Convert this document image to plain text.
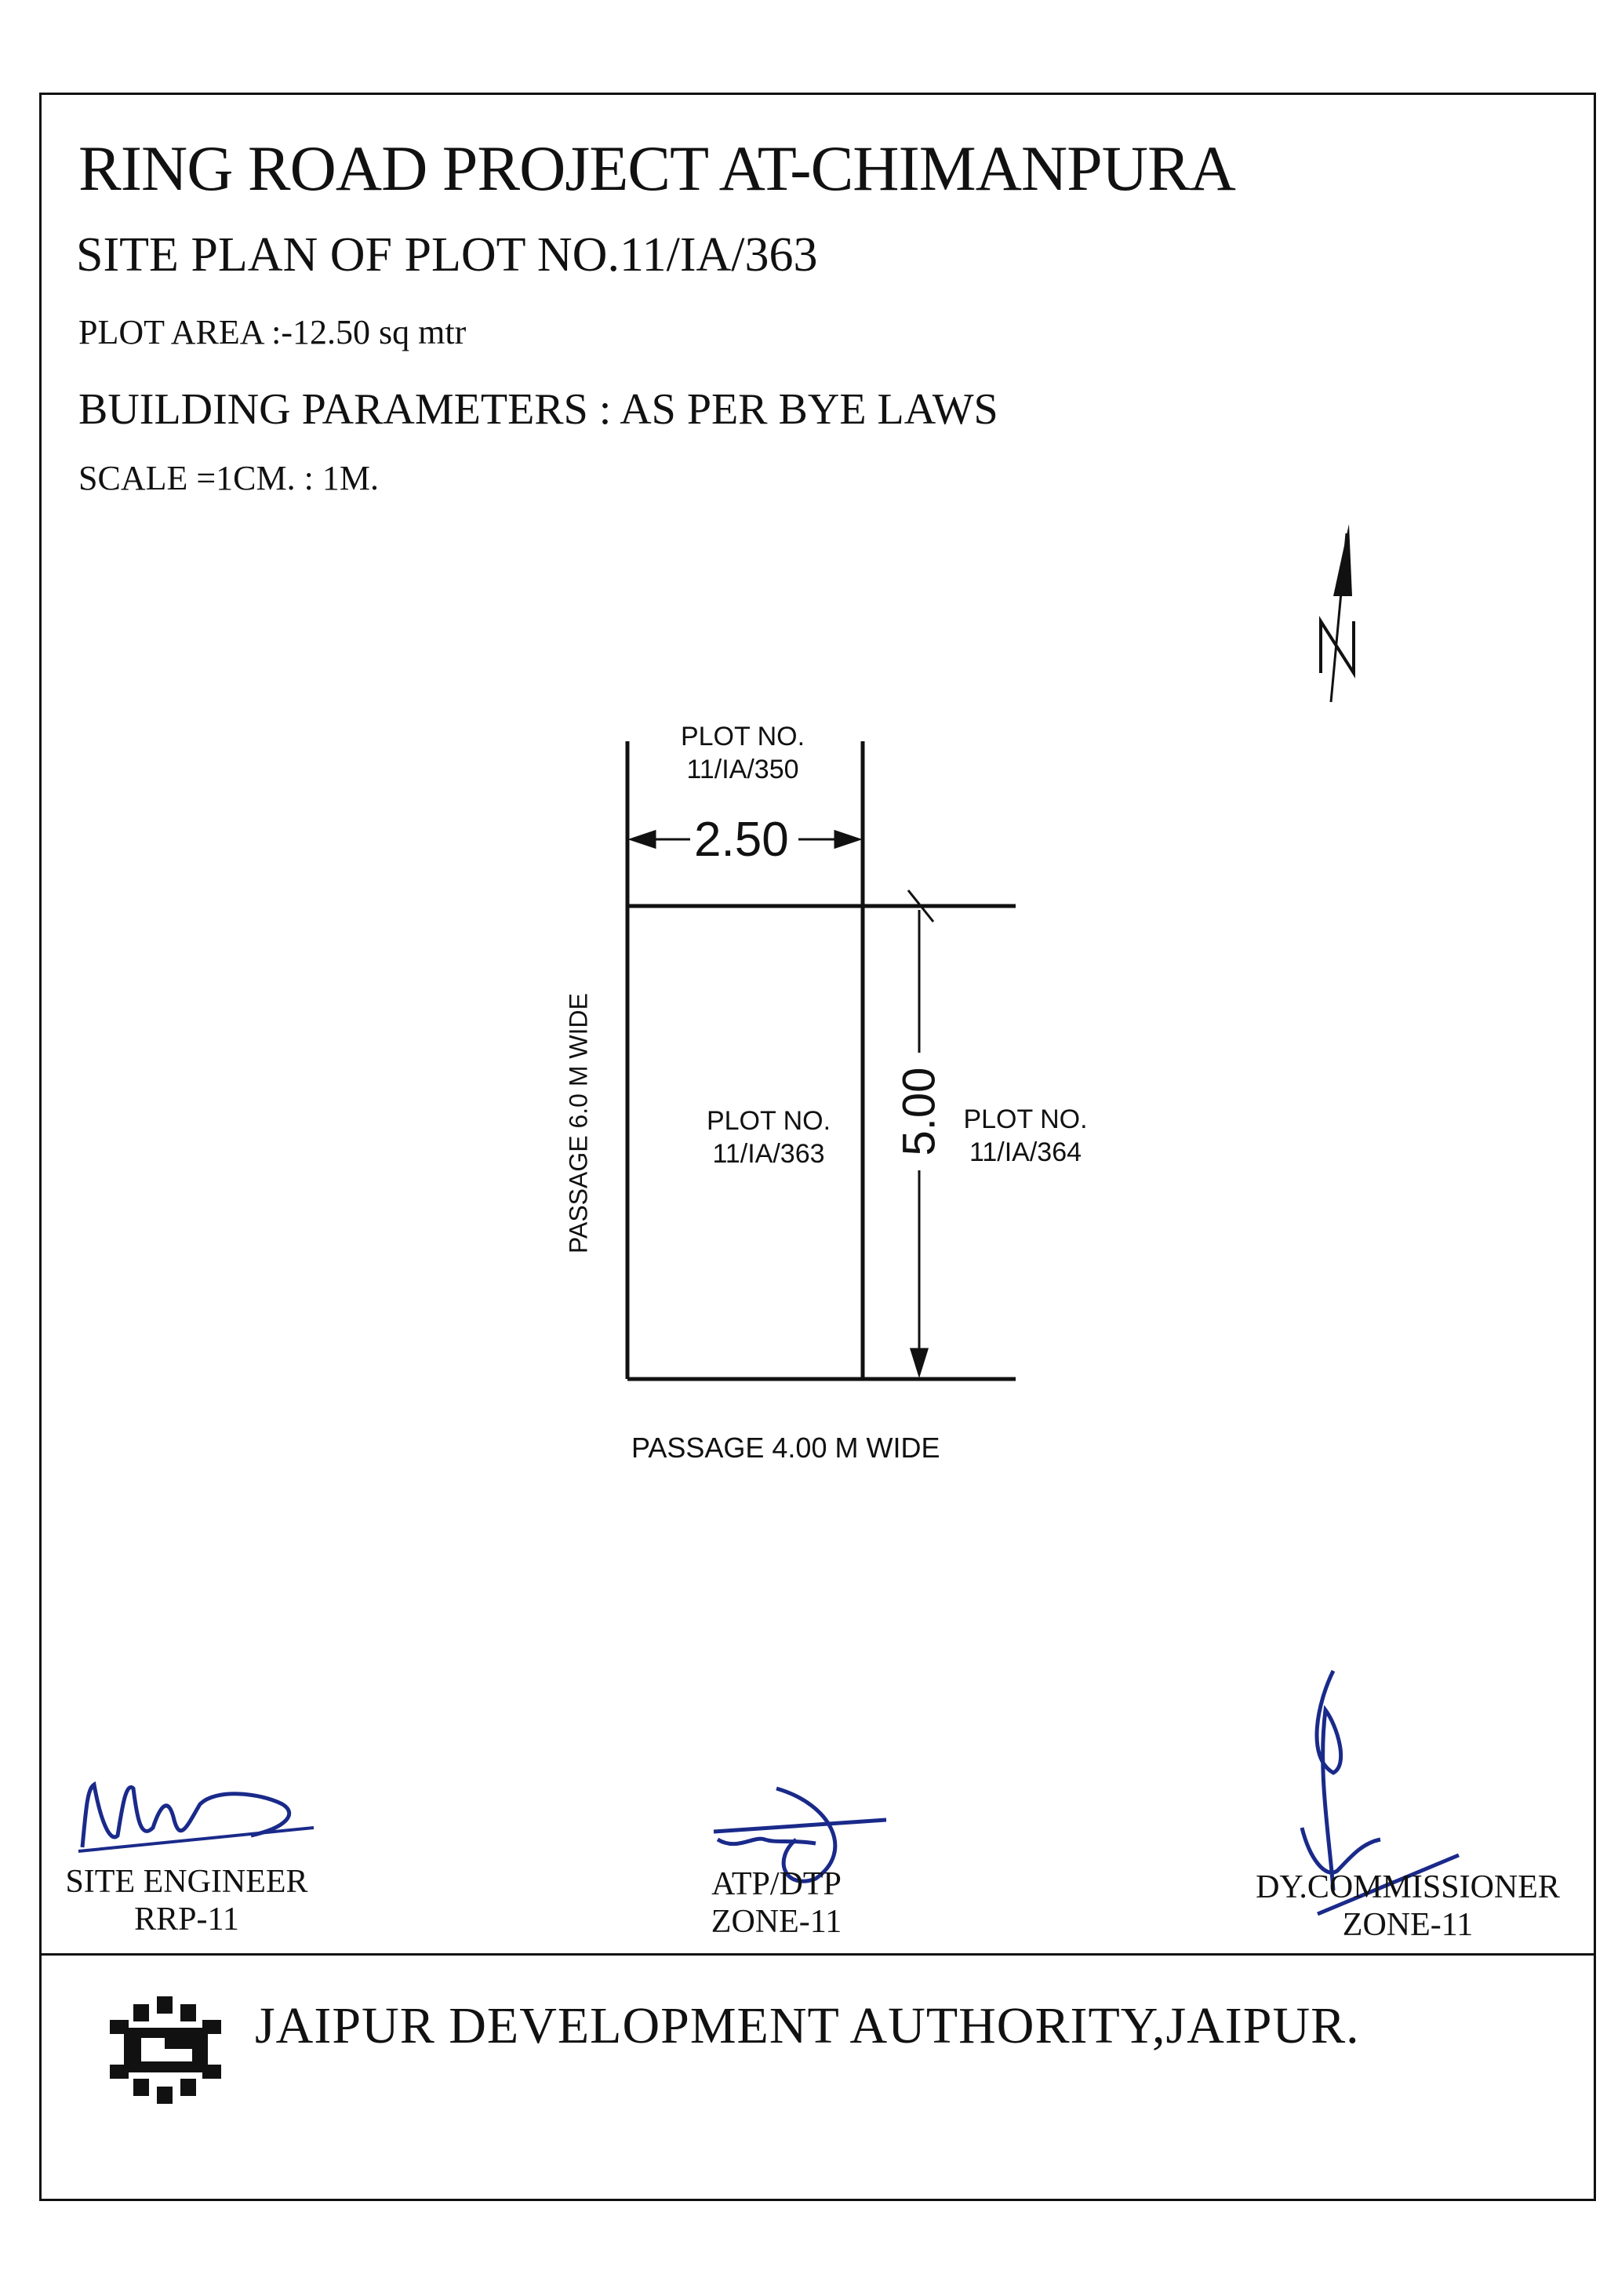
RING ROAD PROJECT AT-CHIMANPURA
SITE PLAN OF PLOT NO.11/IA/363
PLOT AREA :-12.50 sq mtr
BUILDING PARAMETERS : AS PER BYE LAWS
SCALE =1CM. : 1M.
PLOT NO.
11/IA/350
2.50
5.00
PLOT NO.
11/IA/363
PLOT NO.
11/IA/364
PASSAGE 6.0 M WIDE
PASSAGE 4.00 M WIDE
SITE ENGINEER
RRP-11
ATP/DTP
ZONE-11
DY.COMMISSIONER
ZONE-11
JAIPUR DEVELOPMENT AUTHORITY,JAIPUR.
